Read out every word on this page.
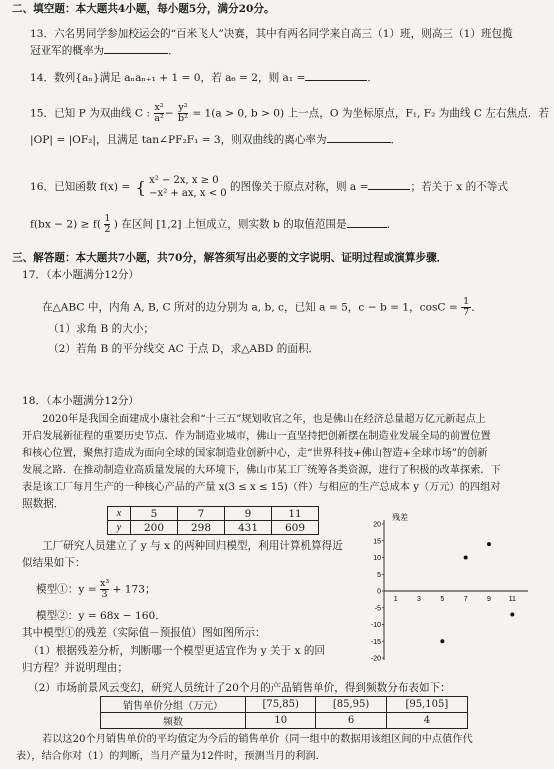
二、填空题：本大题共4小题，每小题5分，满分20分。
13．六名男同学参加校运会的“百米飞人”决赛，其中有两名同学来自高三（1）班，则高三（1）班包揽
冠亚军的概率为	．
14．数列{aₙ}满足 aₙaₙ₊₁ + 1 = 0，若 a₆ = 2，则 a₁ =	．
15．已知 P 为双曲线 C : $\frac{\text{x²}}{\text{a²}} - \frac{\text{y²}}{\text{b²}} = 1(a > 0$, b > 0) 上一点，O 为坐标原点，F₁, F₂ 为曲线 C 左右焦点．若
|OP| = |OF₂|，且满足 tan∠PF₂F₁ = 3，则双曲线的离心率为	．
16．已知函数 f(x) = { x² − 2x, x ≥ 0
−x² + ax, x < 0
的图像关于原点对称，则 a =	；若关于 x 的不等式
$f(bx - 2) \ge f( \frac{1}{2}$ ) 在区间 [1,2] 上恒成立，则实数 b 的取值范围是	．
三、解答题：本大题共7小题，共70分，解答须写出必要的文字说明、证明过程或演算步骤．
17．（本小题满分12分）
在△ABC 中，内角 A, B, C 所对的边分别为 a, b, c，已知 a = 5，c − b = 1，$\cos C = \frac{1}{7}$ ．
（1）求角 B 的大小；
（2）若角 B 的平分线交 AC 于点 D，求△ABD 的面积．
18．（本小题满分12分）
2020年是我国全面建成小康社会和“十三五”规划收官之年，也是佛山在经济总量超万亿元新起点上
开启发展新征程的重要历史节点．作为制造业城市，佛山一直坚持把创新摆在制造业发展全局的前置位置
和核心位置，聚焦打造成为面向全球的国家制造业创新中心，走“世界科技+佛山智造+全球市场”的创新
发展之路．在推动制造业高质量发展的大环境下，佛山市某工厂统筹各类资源，进行了积极的改革探索．下
表是该工厂每月生产的一种核心产品的产量 x(3 ≤ x ≤ 15)（件）与相应的生产总成本 y（万元）的四组对
照数据．
x	5	7	9	11
y	200	298	431	609
工厂研究人员建立了 y 与 x 的两种回归模型，利用计算机算得近
似结果如下：
模型①：$y = \frac{\text{x³}}{3} + 173$；
模型②：y = 68x − 160．
其中模型①的残差（实际值－预报值）图如图所示：
（1）根据残差分析，判断哪一个模型更适宜作为 y 关于 x 的回
归方程？并说明理由；
（2）市场前景风云变幻，研究人员统计了20个月的产品销售单价，得到频数分布表如下：
销售单价分组（万元）	[75,85)	[85,95)	[95,105]
频数	10	6	4
若以这20个月销售单价的平均值定为今后的销售单价（同一组中的数据用该组区间的中点值作代
表），结合你对（1）的判断，当月产量为12件时，预测当月的利润．
20
15
10
5
0
-5
-10
-15
-20
1	3	5	7	9	11
残差
